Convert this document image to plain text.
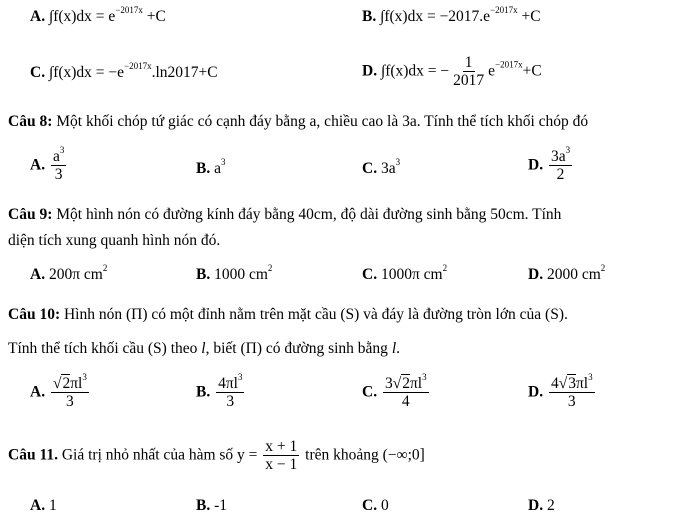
A. $\int f(x)dx = e^{-2017x} +C$	B. $\int f(x)dx = -2017.e^{-2017x} +C$
C. $\int f(x)dx = -e^{-2017x}.\ln 2017+C$	D. ∫f(x)dx = − $\frac{1}{2017} e^{-2017x}+C$
Câu 8: Một khối chóp tứ giác có cạnh đáy bằng a, chiều cao là 3a. Tính thể tích khối chóp đó
A. $\frac{a^3}{3}$	B. $a^3$	C. $3a^3$	D. $\frac{3a^3}{2}$
Câu 9: Một hình nón có đường kính đáy bằng 40cm, độ dài đường sinh bằng 50cm. Tính
diện tích xung quanh hình nón đó.
A. 200π $cm^2$	B. 1000 $cm^2$	C. 1000π $cm^2$	D. 2000 $cm^2$
Câu 10: Hình nón (Π) có một đỉnh nằm trên mặt cầu (S) và đáy là đường tròn lớn của (S).
Tính thể tích khối cầu (S) theo l, biết (Π) có đường sinh bằng l.
A. $\frac{√2\pi l^3}{3}$	B. $\frac{4\pi l^3}{3}$	C. $\frac{3√2\pi l^3}{4}$	D. $\frac{4√3\pi l^3}{3}$
Câu 11. Giá trị nhỏ nhất của hàm số $y = \frac{x + 1}{x - 1}$ trên khoảng (−∞;0]
A. 1	B. -1	C. 0	D. 2
